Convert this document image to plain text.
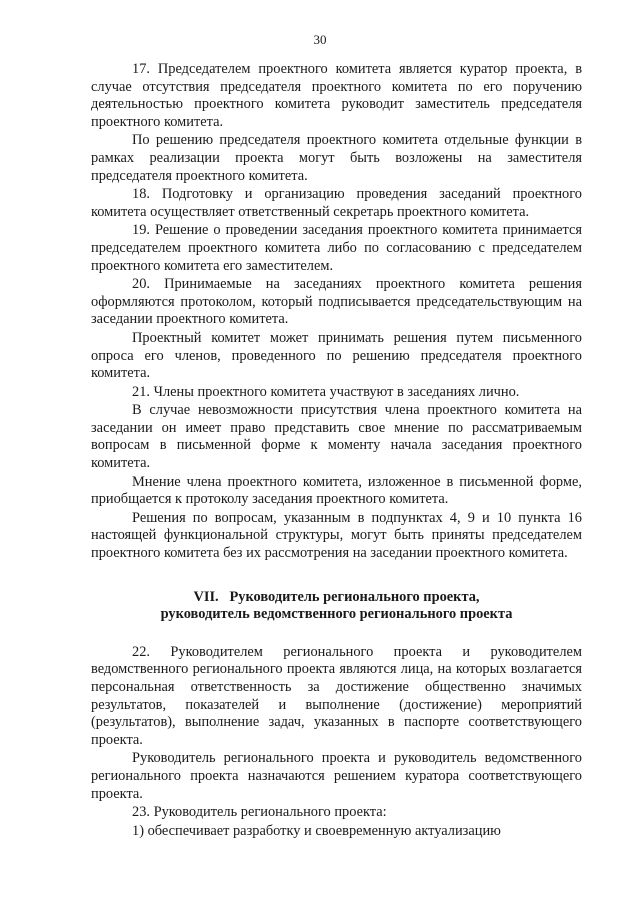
30

17. Председателем проектного комитета является куратор проекта, в случае отсутствия председателя проектного комитета по его поручению деятельностью проектного комитета руководит заместитель председателя проектного комитета.

По решению председателя проектного комитета отдельные функции в рамках реализации проекта могут быть возложены на заместителя председателя проектного комитета.

18. Подготовку и организацию проведения заседаний проектного комитета осуществляет ответственный секретарь проектного комитета.

19. Решение о проведении заседания проектного комитета принимается председателем проектного комитета либо по согласованию с председателем проектного комитета его заместителем.

20. Принимаемые на заседаниях проектного комитета решения оформляются протоколом, который подписывается председательствующим на заседании проектного комитета.

Проектный комитет может принимать решения путем письменного опроса его членов, проведенного по решению председателя проектного комитета.

21. Члены проектного комитета участвуют в заседаниях лично.

В случае невозможности присутствия члена проектного комитета на заседании он имеет право представить свое мнение по рассматриваемым вопросам в письменной форме к моменту начала заседания проектного комитета.

Мнение члена проектного комитета, изложенное в письменной форме, приобщается к протоколу заседания проектного комитета.

Решения по вопросам, указанным в подпунктах 4, 9 и 10 пункта 16 настоящей функциональной структуры, могут быть приняты председателем проектного комитета без их рассмотрения на заседании проектного комитета.

VII.   Руководитель регионального проекта,
руководитель ведомственного регионального проекта

22. Руководителем регионального проекта и руководителем ведомственного регионального проекта являются лица, на которых возлагается персональная ответственность за достижение общественно значимых результатов, показателей и выполнение (достижение) мероприятий (результатов), выполнение задач, указанных в паспорте соответствующего проекта.

Руководитель регионального проекта и руководитель ведомственного регионального проекта назначаются решением куратора соответствующего проекта.

23. Руководитель регионального проекта:

1) обеспечивает разработку и своевременную актуализацию
